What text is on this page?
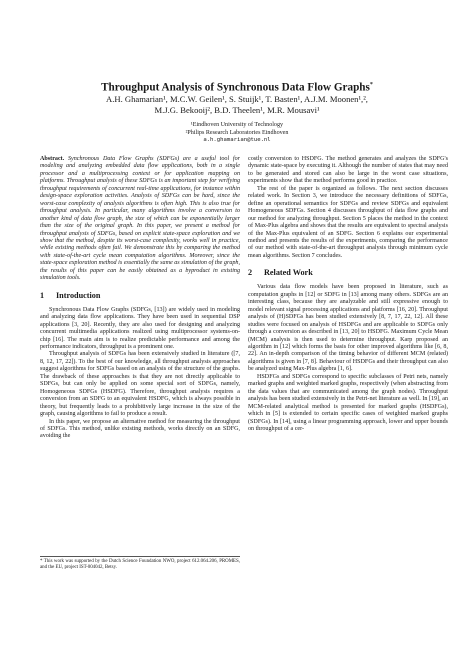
Throughput Analysis of Synchronous Data Flow Graphs*
A.H. Ghamarian¹, M.C.W. Geilen¹, S. Stuijk¹, T. Basten¹, A.J.M. Moonen¹,²,
M.J.G. Bekooij², B.D. Theelen¹, M.R. Mousavi¹
¹Eindhoven University of Technology
²Philips Research Laboratories Eindhoven
a.h.ghamarian@tue.nl

Abstract. Synchronous Data Flow Graphs (SDFGs) are a useful tool for modeling and analyzing embedded data flow applications, both in a single processor and a multiprocessing context or for application mapping on platforms. Throughput analysis of these SDFGs is an important step for verifying throughput requirements of concurrent real-time applications, for instance within design-space exploration activities. Analysis of SDFGs can be hard, since the worst-case complexity of analysis algorithms is often high. This is also true for throughput analysis. In particular, many algorithms involve a conversion to another kind of data flow graph, the size of which can be exponentially larger than the size of the original graph. In this paper, we present a method for throughput analysis of SDFGs, based on explicit state-space exploration and we show that the method, despite its worst-case complexity, works well in practice, while existing methods often fail. We demonstrate this by comparing the method with state-of-the-art cycle mean computation algorithms. Moreover, since the state-space exploration method is essentially the same as simulation of the graph, the results of this paper can be easily obtained as a byproduct in existing simulation tools.

1 Introduction

Synchronous Data Flow Graphs (SDFGs, [13]) are widely used in modeling and analyzing data flow applications. They have been used in sequential DSP applications [3, 20]. Recently, they are also used for designing and analyzing concurrent multimedia applications realized using multiprocessor systems-on-chip [16]. The main aim is to realize predictable performance and among the performance indicators, throughput is a prominent one.

Throughput analysis of SDFGs has been extensively studied in literature ([7, 8, 12, 17, 22]). To the best of our knowledge, all throughput analysis approaches suggest algorithms for SDFGs based on an analysis of the structure of the graphs. The drawback of these approaches is that they are not directly applicable to SDFGs, but can only be applied on some special sort of SDFGs, namely, Homogeneous SDFGs (HSDFG). Therefore, throughput analysis requires a conversion from an SDFG to an equivalent HSDFG, which is always possible in theory, but frequently leads to a prohibitively large increase in the size of the graph, causing algorithms to fail to produce a result.

In this paper, we propose an alternative method for measuring the throughput of SDFGs. This method, unlike existing methods, works directly on an SDFG, avoiding the

* This work was supported by the Dutch Science Foundation NWO, project 612.064.206, PROMES, and the EU, project IST-004042, Betsy.

costly conversion to HSDFG. The method generates and analyzes the SDFG's dynamic state-space by executing it. Although the number of states that may need to be generated and stored can also be large in the worst case situations, experiments show that the method performs good in practice.

The rest of the paper is organized as follows. The next section discusses related work. In Section 3, we introduce the necessary definitions of SDFGs, define an operational semantics for SDFGs and review SDFGs and equivalent Homogeneous SDFGs. Section 4 discusses throughput of data flow graphs and our method for analyzing throughput. Section 5 places the method in the context of Max-Plus algebra and shows that the results are equivalent to spectral analysis of the Max-Plus equivalent of an SDFG. Section 6 explains our experimental method and presents the results of the experiments, comparing the performance of our method with state-of-the-art throughput analysis through minimum cycle mean algorithms. Section 7 concludes.

2 Related Work

Various data flow models have been proposed in literature, such as computation graphs in [12] or SDFG in [13] among many others. SDFGs are an interesting class, because they are analyzable and still expressive enough to model relevant signal processing applications and platforms [16, 20]. Throughput analysis of (H)SDFGs has been studied extensively [8, 7, 17, 22, 12]. All these studies were focused on analysis of HSDFGs and are applicable to SDFGs only through a conversion as described in [13, 20] to HSDFG. Maximum Cycle Mean (MCM) analysis is then used to determine throughput. Karp proposed an algorithm in [12] which forms the basis for other improved algorithms like [6, 8, 22]. An in-depth comparison of the timing behavior of different MCM (related) algorithms is given in [7, 8]. Behaviour of HSDFGs and their throughput can also be analyzed using Max-Plus algebra [1, 6].

HSDFGs and SDFGs correspond to specific subclasses of Petri nets, namely marked graphs and weighted marked graphs, respectively (when abstracting from the data values that are communicated among the graph nodes). Throughput analysis has been studied extensively in the Petri-net literature as well. In [19], an MCM-related analytical method is presented for marked graphs (HSDFGs), which in [5] is extended to certain specific cases of weighted marked graphs (SDFGs). In [14], using a linear programming approach, lower and upper bounds on throughput of a cer-
